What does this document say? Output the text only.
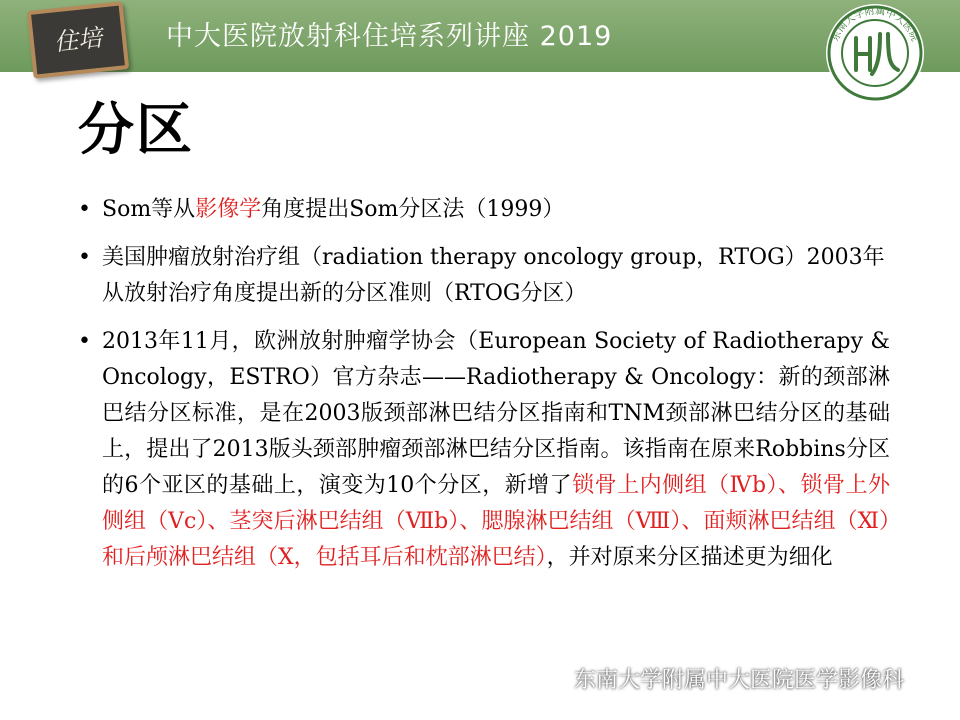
住培	中大医院放射科住培系列讲座 2019	东南大学附属中大医院
分区
• Som等从影像学角度提出Som分区法（1999）
• 美国肿瘤放射治疗组（radiation therapy oncology group，RTOG）2003年从放射治疗角度提出新的分区准则（RTOG分区）
• 2013年11月，欧洲放射肿瘤学协会（European Society of Radiotherapy & Oncology，ESTRO）官方杂志——Radiotherapy & Oncology：新的颈部淋巴结分区标准，是在2003版颈部淋巴结分区指南和TNM颈部淋巴结分区的基础上，提出了2013版头颈部肿瘤颈部淋巴结分区指南。该指南在原来Robbins分区的6个亚区的基础上，演变为10个分区，新增了锁骨上内侧组（Ⅳb）、锁骨上外侧组（Ⅴc）、茎突后淋巴结组（Ⅶb）、腮腺淋巴结组（Ⅷ）、面颊淋巴结组（Ⅺ）和后颅淋巴结组（Ⅹ，包括耳后和枕部淋巴结），并对原来分区描述更为细化
东南大学附属中大医院医学影像科
